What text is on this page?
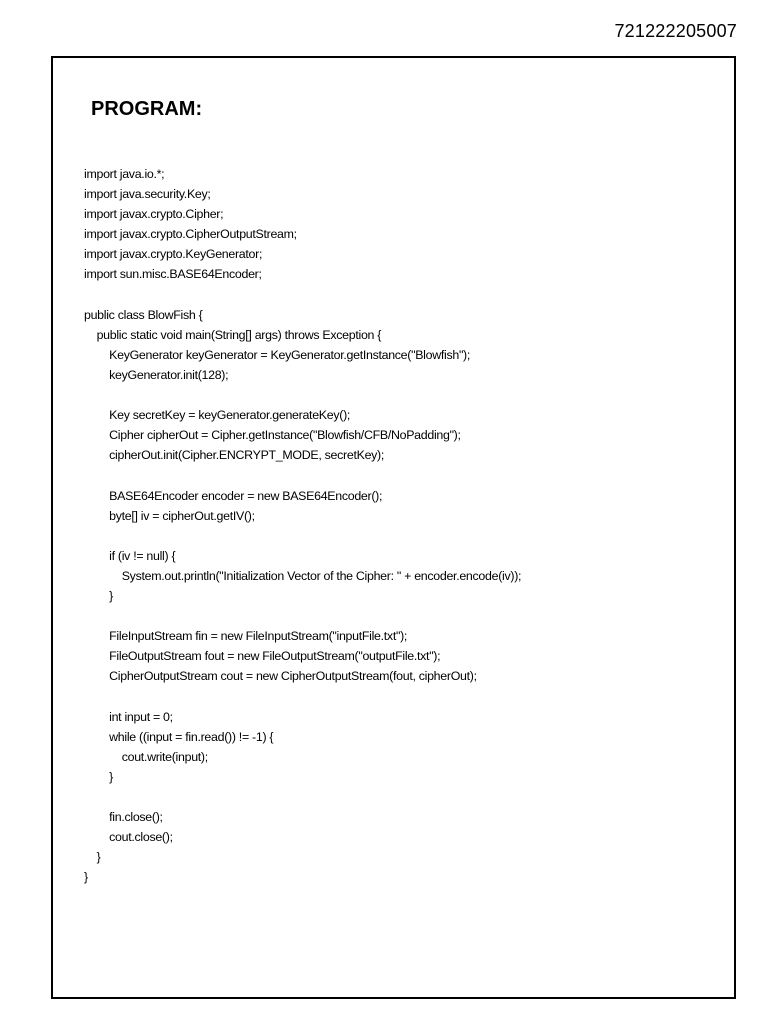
721222205007
PROGRAM:
import java.io.*;
import java.security.Key;
import javax.crypto.Cipher;
import javax.crypto.CipherOutputStream;
import javax.crypto.KeyGenerator;
import sun.misc.BASE64Encoder;
public class BlowFish {
public static void main(String[] args) throws Exception {
KeyGenerator keyGenerator = KeyGenerator.getInstance("Blowfish");
keyGenerator.init(128);
Key secretKey = keyGenerator.generateKey();
Cipher cipherOut = Cipher.getInstance("Blowfish/CFB/NoPadding");
cipherOut.init(Cipher.ENCRYPT_MODE, secretKey);
BASE64Encoder encoder = new BASE64Encoder();
byte[] iv = cipherOut.getIV();
if (iv != null) {
System.out.println("Initialization Vector of the Cipher: " + encoder.encode(iv));
}
FileInputStream fin = new FileInputStream("inputFile.txt");
FileOutputStream fout = new FileOutputStream("outputFile.txt");
CipherOutputStream cout = new CipherOutputStream(fout, cipherOut);
int input = 0;
while ((input = fin.read()) != -1) {
cout.write(input);
}
fin.close();
cout.close();
}
}
